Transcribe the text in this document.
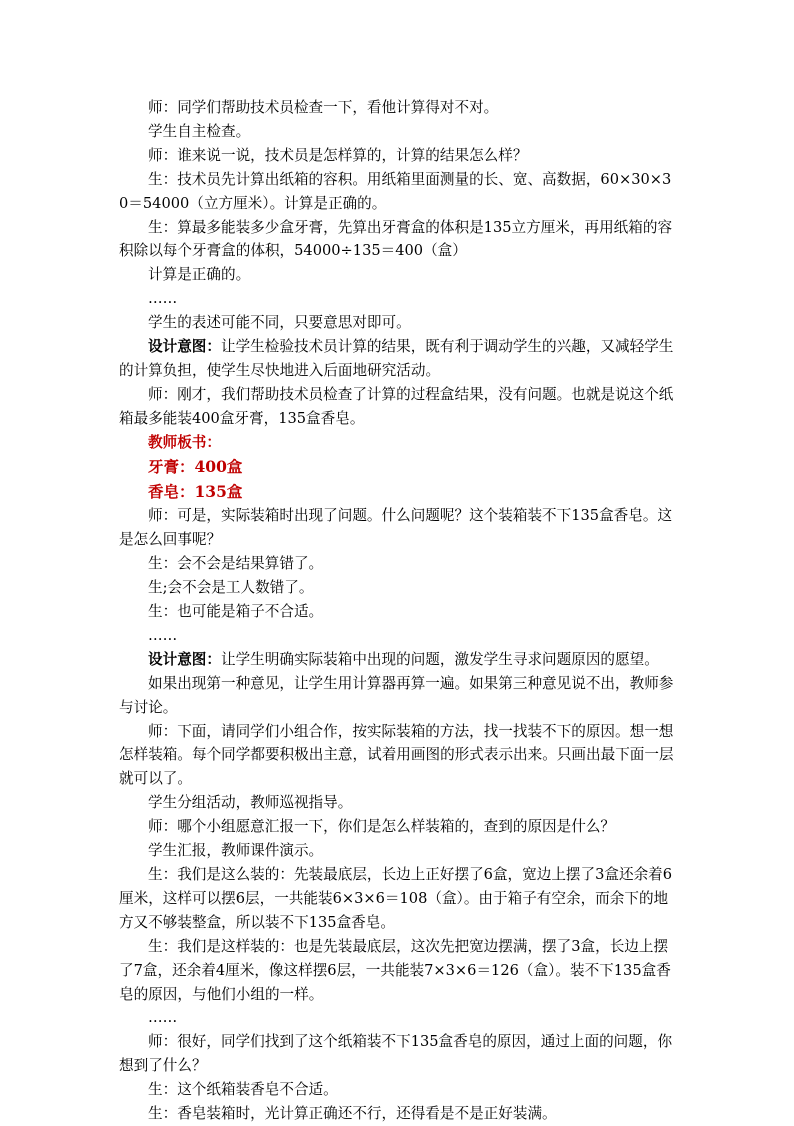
师：同学们帮助技术员检查一下，看他计算得对不对。

学生自主检查。

师：谁来说一说，技术员是怎样算的，计算的结果怎么样？

生：技术员先计算出纸箱的容积。用纸箱里面测量的长、宽、高数据，60×30×30＝54000（立方厘米）。计算是正确的。

生：算最多能装多少盒牙膏，先算出牙膏盒的体积是135立方厘米，再用纸箱的容积除以每个牙膏盒的体积，54000÷135＝400（盒）

计算是正确的。

……

学生的表述可能不同，只要意思对即可。

设计意图：让学生检验技术员计算的结果，既有利于调动学生的兴趣，又减轻学生的计算负担，使学生尽快地进入后面地研究活动。

师：刚才，我们帮助技术员检查了计算的过程盒结果，没有问题。也就是说这个纸箱最多能装400盒牙膏，135盒香皂。

教师板书：

牙膏：400盒

香皂：135盒

师：可是，实际装箱时出现了问题。什么问题呢？这个装箱装不下135盒香皂。这是怎么回事呢？

生：会不会是结果算错了。

生;会不会是工人数错了。

生：也可能是箱子不合适。

……

设计意图：让学生明确实际装箱中出现的问题，激发学生寻求问题原因的愿望。

如果出现第一种意见，让学生用计算器再算一遍。如果第三种意见说不出，教师参与讨论。

师：下面，请同学们小组合作，按实际装箱的方法，找一找装不下的原因。想一想怎样装箱。每个同学都要积极出主意，试着用画图的形式表示出来。只画出最下面一层就可以了。

学生分组活动，教师巡视指导。

师：哪个小组愿意汇报一下，你们是怎么样装箱的，查到的原因是什么？

学生汇报，教师课件演示。

生：我们是这么装的：先装最底层，长边上正好摆了6盒，宽边上摆了3盒还余着6厘米，这样可以摆6层，一共能装6×3×6＝108（盒）。由于箱子有空余，而余下的地方又不够装整盒，所以装不下135盒香皂。

生：我们是这样装的：也是先装最底层，这次先把宽边摆满，摆了3盒，长边上摆了7盒，还余着4厘米，像这样摆6层，一共能装7×3×6＝126（盒）。装不下135盒香皂的原因，与他们小组的一样。

……

师：很好，同学们找到了这个纸箱装不下135盒香皂的原因，通过上面的问题，你想到了什么？

生：这个纸箱装香皂不合适。

生：香皂装箱时，光计算正确还不行，还得看是不是正好装满。
